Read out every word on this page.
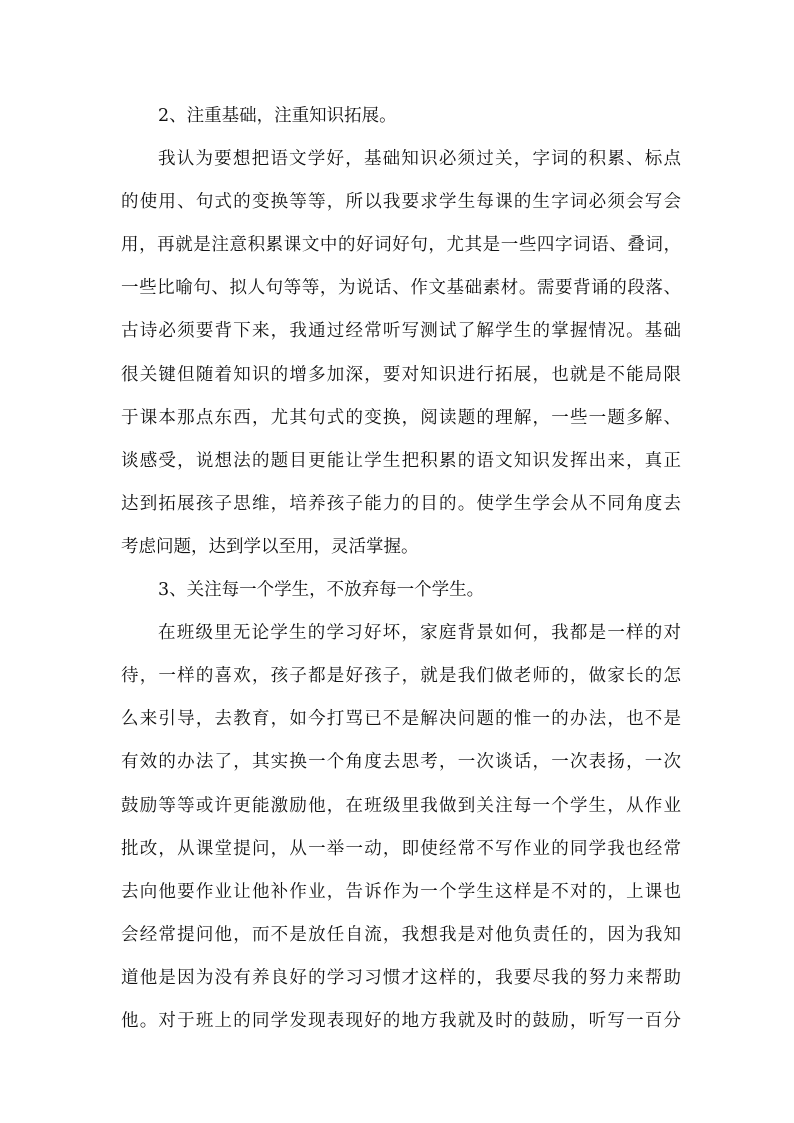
2、注重基础，注重知识拓展。
我认为要想把语文学好，基础知识必须过关，字词的积累、标点
的使用、句式的变换等等，所以我要求学生每课的生字词必须会写会
用，再就是注意积累课文中的好词好句，尤其是一些四字词语、叠词，
一些比喻句、拟人句等等，为说话、作文基础素材。需要背诵的段落、
古诗必须要背下来，我通过经常听写测试了解学生的掌握情况。基础
很关键但随着知识的增多加深，要对知识进行拓展，也就是不能局限
于课本那点东西，尤其句式的变换，阅读题的理解，一些一题多解、
谈感受，说想法的题目更能让学生把积累的语文知识发挥出来，真正
达到拓展孩子思维，培养孩子能力的目的。使学生学会从不同角度去
考虑问题，达到学以至用，灵活掌握。
3、关注每一个学生，不放弃每一个学生。
在班级里无论学生的学习好坏，家庭背景如何，我都是一样的对
待，一样的喜欢，孩子都是好孩子，就是我们做老师的，做家长的怎
么来引导，去教育，如今打骂已不是解决问题的惟一的办法，也不是
有效的办法了，其实换一个角度去思考，一次谈话，一次表扬，一次
鼓励等等或许更能激励他，在班级里我做到关注每一个学生，从作业
批改，从课堂提问，从一举一动，即使经常不写作业的同学我也经常
去向他要作业让他补作业，告诉作为一个学生这样是不对的，上课也
会经常提问他，而不是放任自流，我想我是对他负责任的，因为我知
道他是因为没有养良好的学习习惯才这样的，我要尽我的努力来帮助
他。对于班上的同学发现表现好的地方我就及时的鼓励，听写一百分
